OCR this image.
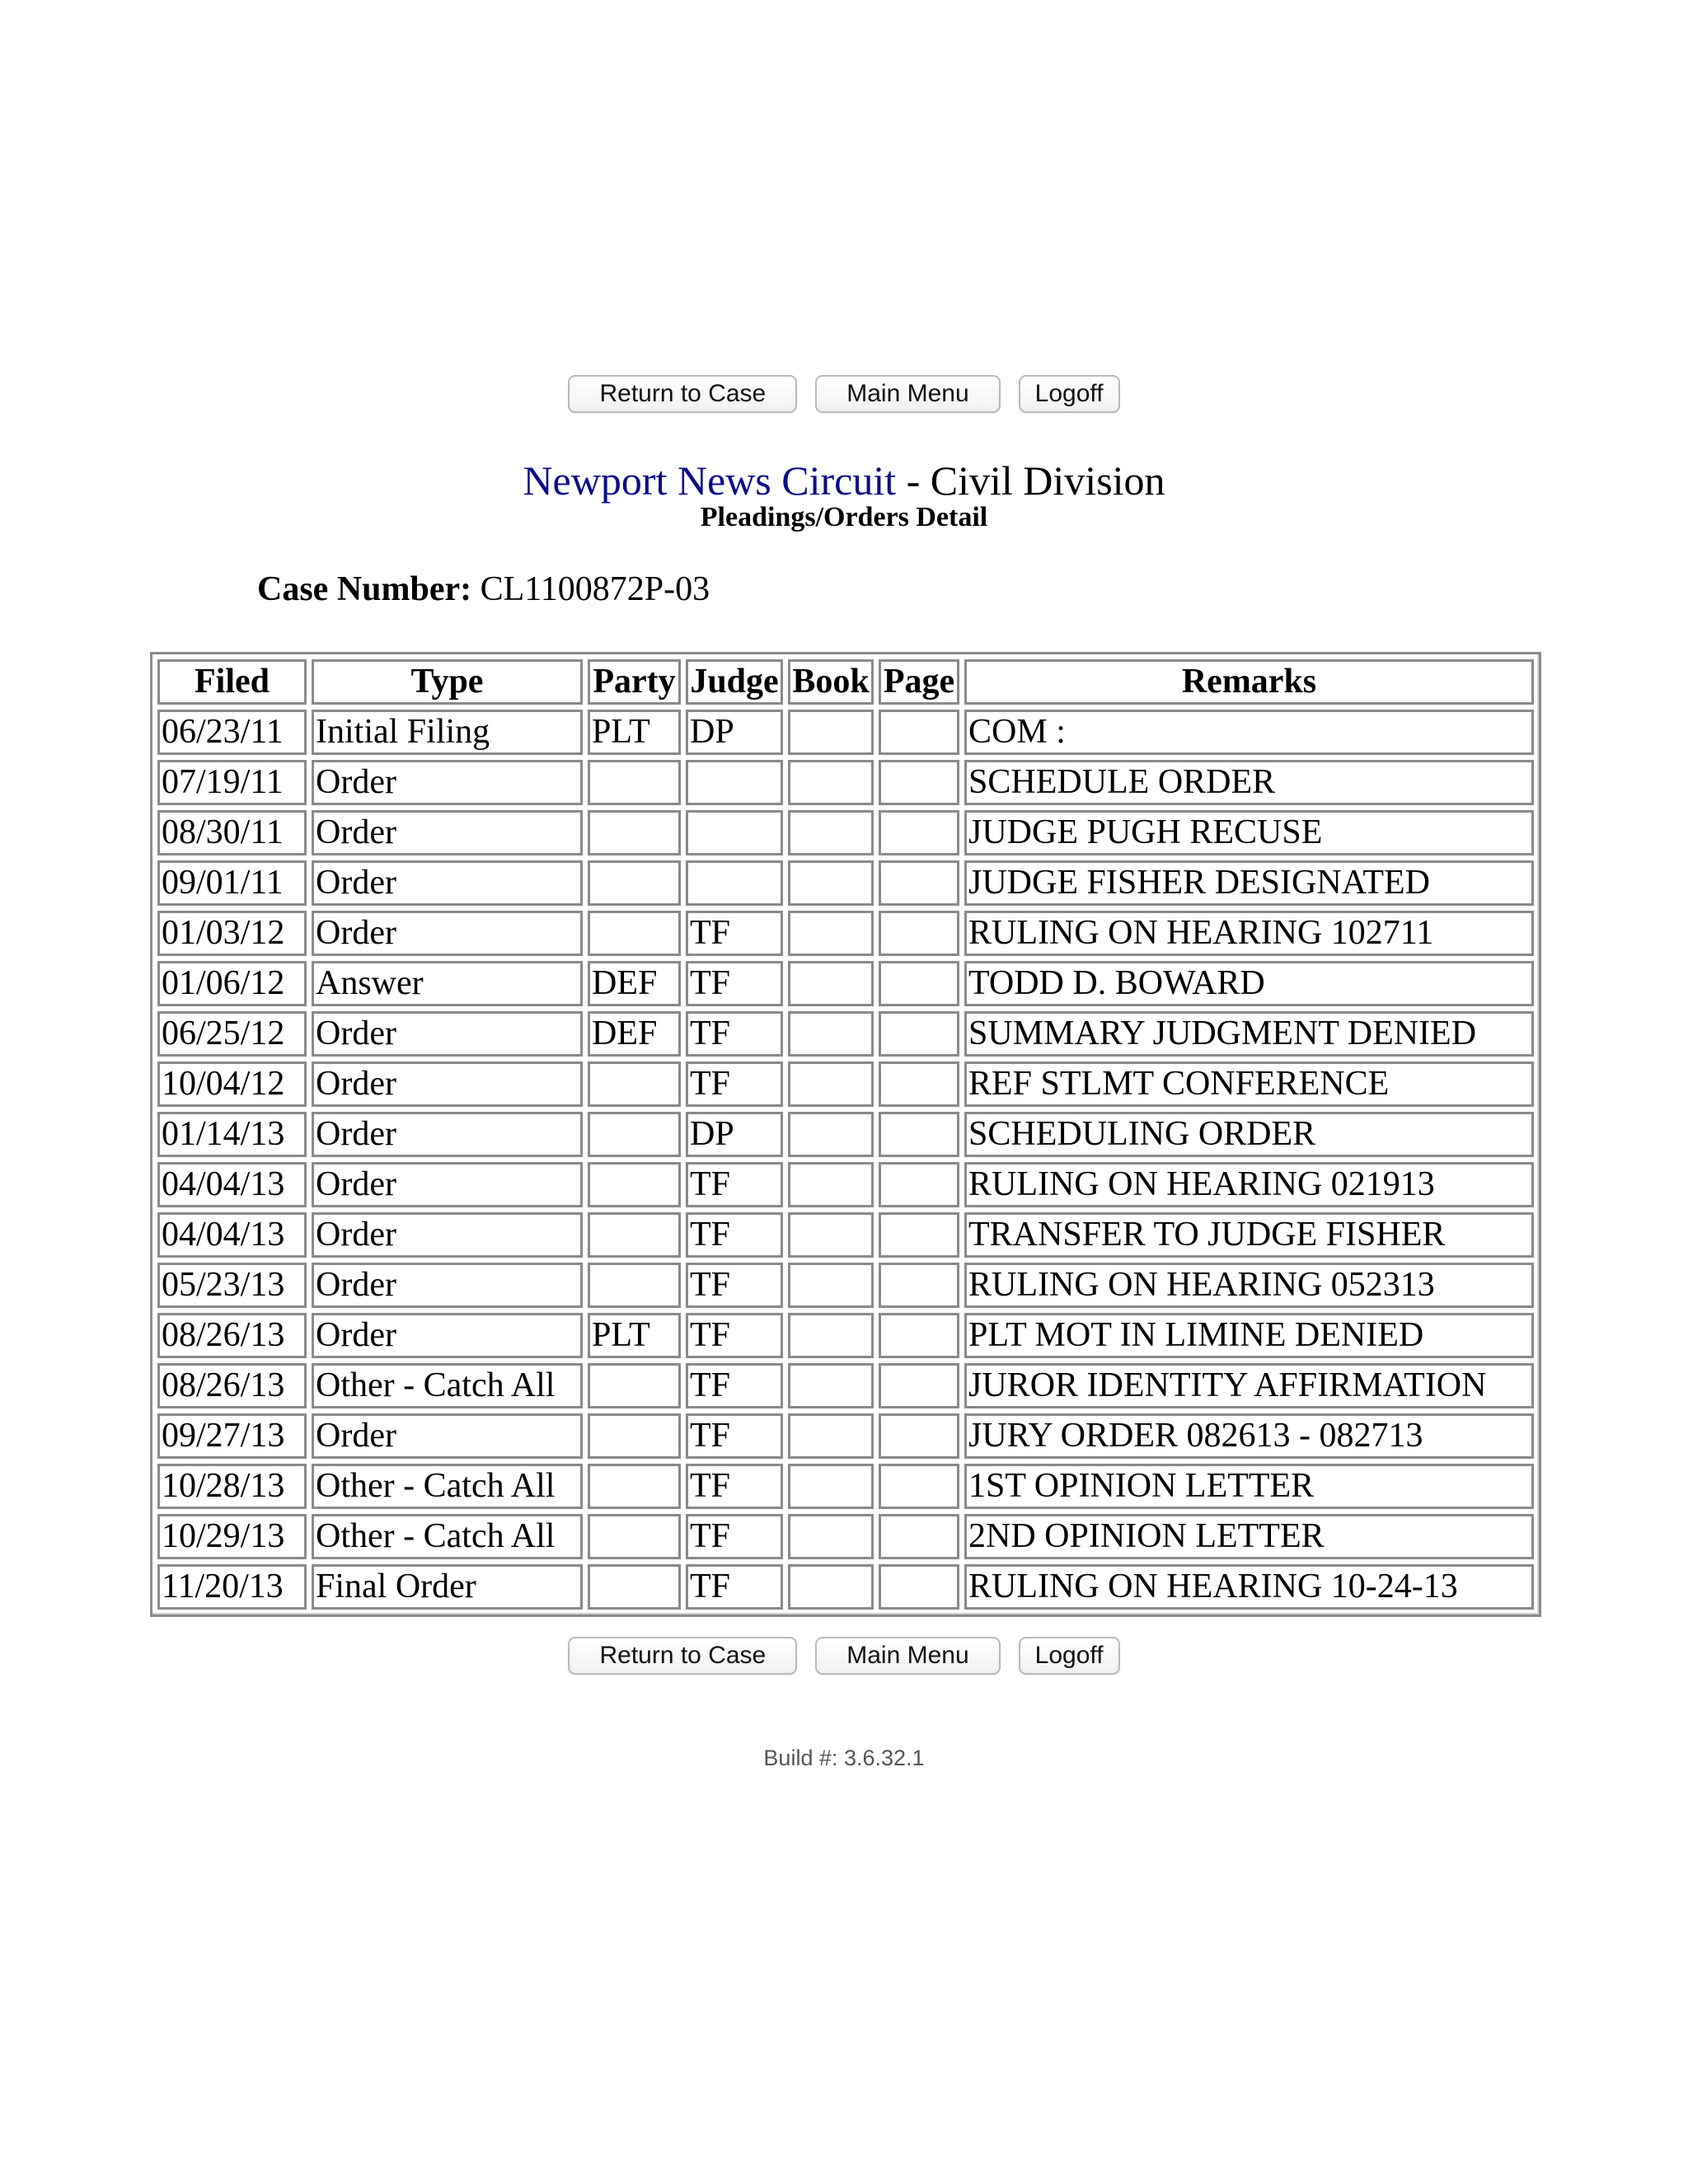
Return to Case	Main Menu	Logoff
Newport News Circuit - Civil Division
Pleadings/Orders Detail
Case Number: CL1100872P-03
Filed	Type	Party	Judge	Book	Page	Remarks
06/23/11	Initial Filing	PLT	DP			COM :
07/19/11	Order					SCHEDULE ORDER
08/30/11	Order					JUDGE PUGH RECUSE
09/01/11	Order					JUDGE FISHER DESIGNATED
01/03/12	Order		TF			RULING ON HEARING 102711
01/06/12	Answer	DEF	TF			TODD D. BOWARD
06/25/12	Order	DEF	TF			SUMMARY JUDGMENT DENIED
10/04/12	Order		TF			REF STLMT CONFERENCE
01/14/13	Order		DP			SCHEDULING ORDER
04/04/13	Order		TF			RULING ON HEARING 021913
04/04/13	Order		TF			TRANSFER TO JUDGE FISHER
05/23/13	Order		TF			RULING ON HEARING 052313
08/26/13	Order	PLT	TF			PLT MOT IN LIMINE DENIED
08/26/13	Other - Catch All		TF			JUROR IDENTITY AFFIRMATION
09/27/13	Order		TF			JURY ORDER 082613 - 082713
10/28/13	Other - Catch All		TF			1ST OPINION LETTER
10/29/13	Other - Catch All		TF			2ND OPINION LETTER
11/20/13	Final Order		TF			RULING ON HEARING 10-24-13
Return to Case	Main Menu	Logoff
Build #: 3.6.32.1
